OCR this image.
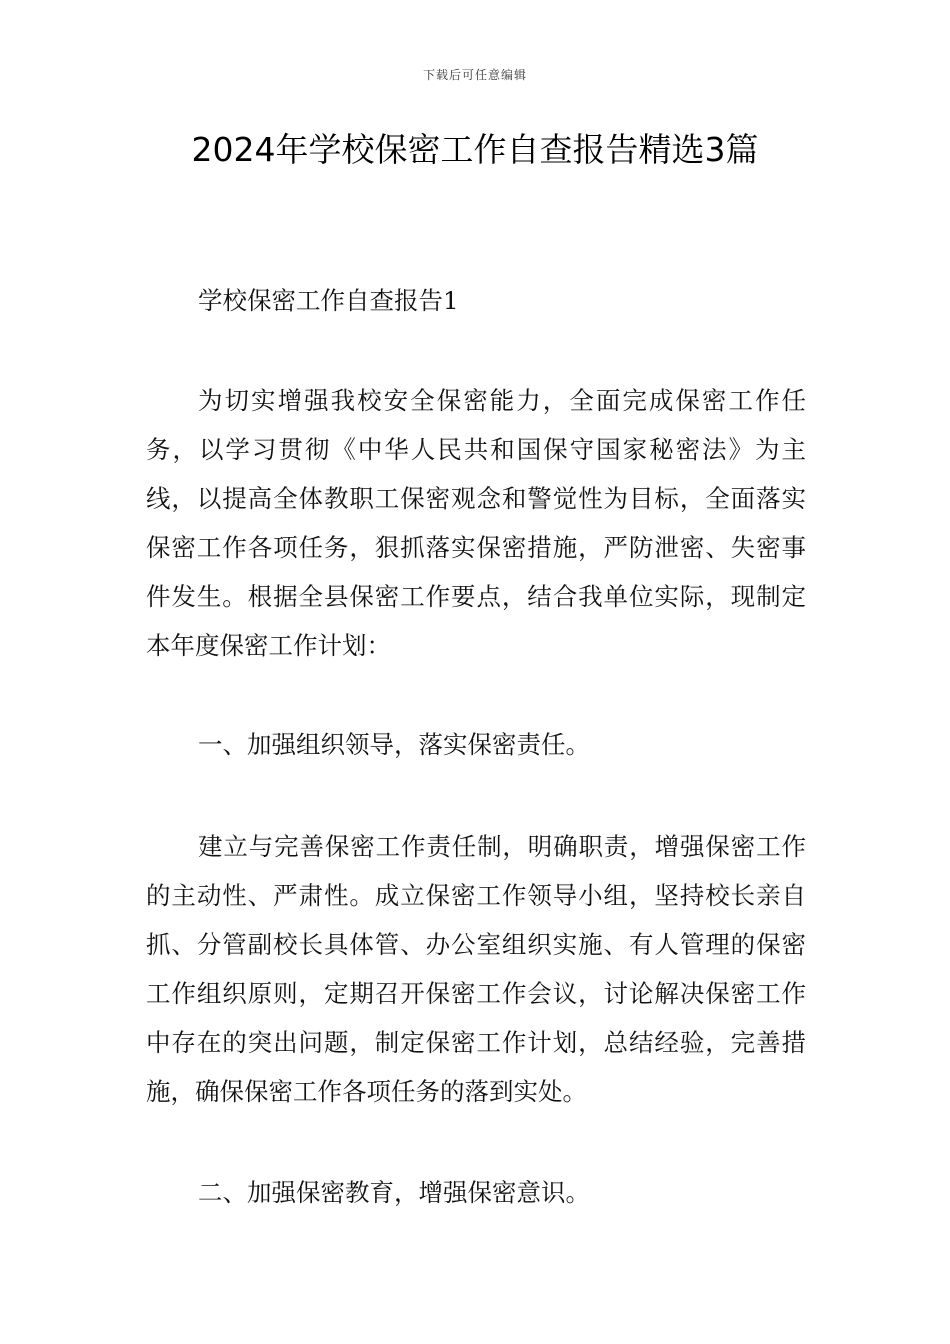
下载后可任意编辑
2024年学校保密工作自查报告精选3篇

学校保密工作自查报告1

为切实增强我校安全保密能力，全面完成保密工作任务，以学习贯彻《中华人民共和国保守国家秘密法》为主线，以提高全体教职工保密观念和警觉性为目标，全面落实保密工作各项任务，狠抓落实保密措施，严防泄密、失密事件发生。根据全县保密工作要点，结合我单位实际，现制定本年度保密工作计划：

一、加强组织领导，落实保密责任。

建立与完善保密工作责任制，明确职责，增强保密工作的主动性、严肃性。成立保密工作领导小组，坚持校长亲自抓、分管副校长具体管、办公室组织实施、有人管理的保密工作组织原则，定期召开保密工作会议，讨论解决保密工作中存在的突出问题，制定保密工作计划，总结经验，完善措施，确保保密工作各项任务的落到实处。

二、加强保密教育，增强保密意识。
